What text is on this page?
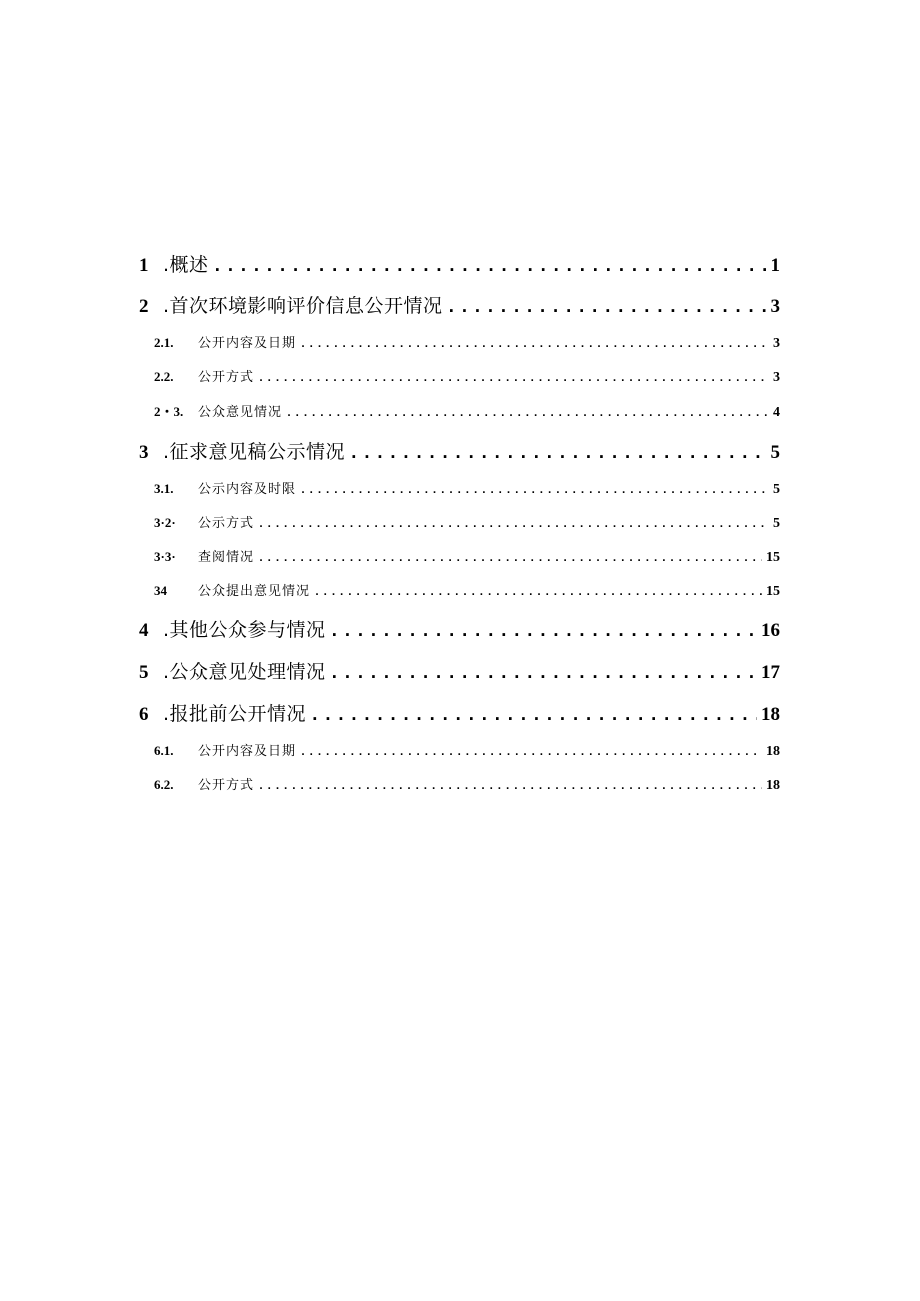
1 .概述 .....	1
2 .首次环境影响评价信息公开情况 .....	3
2.1.	公开内容及日期 .....	3
2.2.	公开方式 .....	3
2・3.	公众意见情况 .....	4
3 .征求意见稿公示情况 .....	5
3.1.	公示内容及时限 .....	5
3·2·	公示方式 .....	5
3·3·	查阅情况 .....	15
34	公众提出意见情况 .....	15
4 .其他公众参与情况 .....	16
5 .公众意见处理情况 .....	17
6 .报批前公开情况 .....	18
6.1.	公开内容及日期 .....	18
6.2.	公开方式 .....	18
